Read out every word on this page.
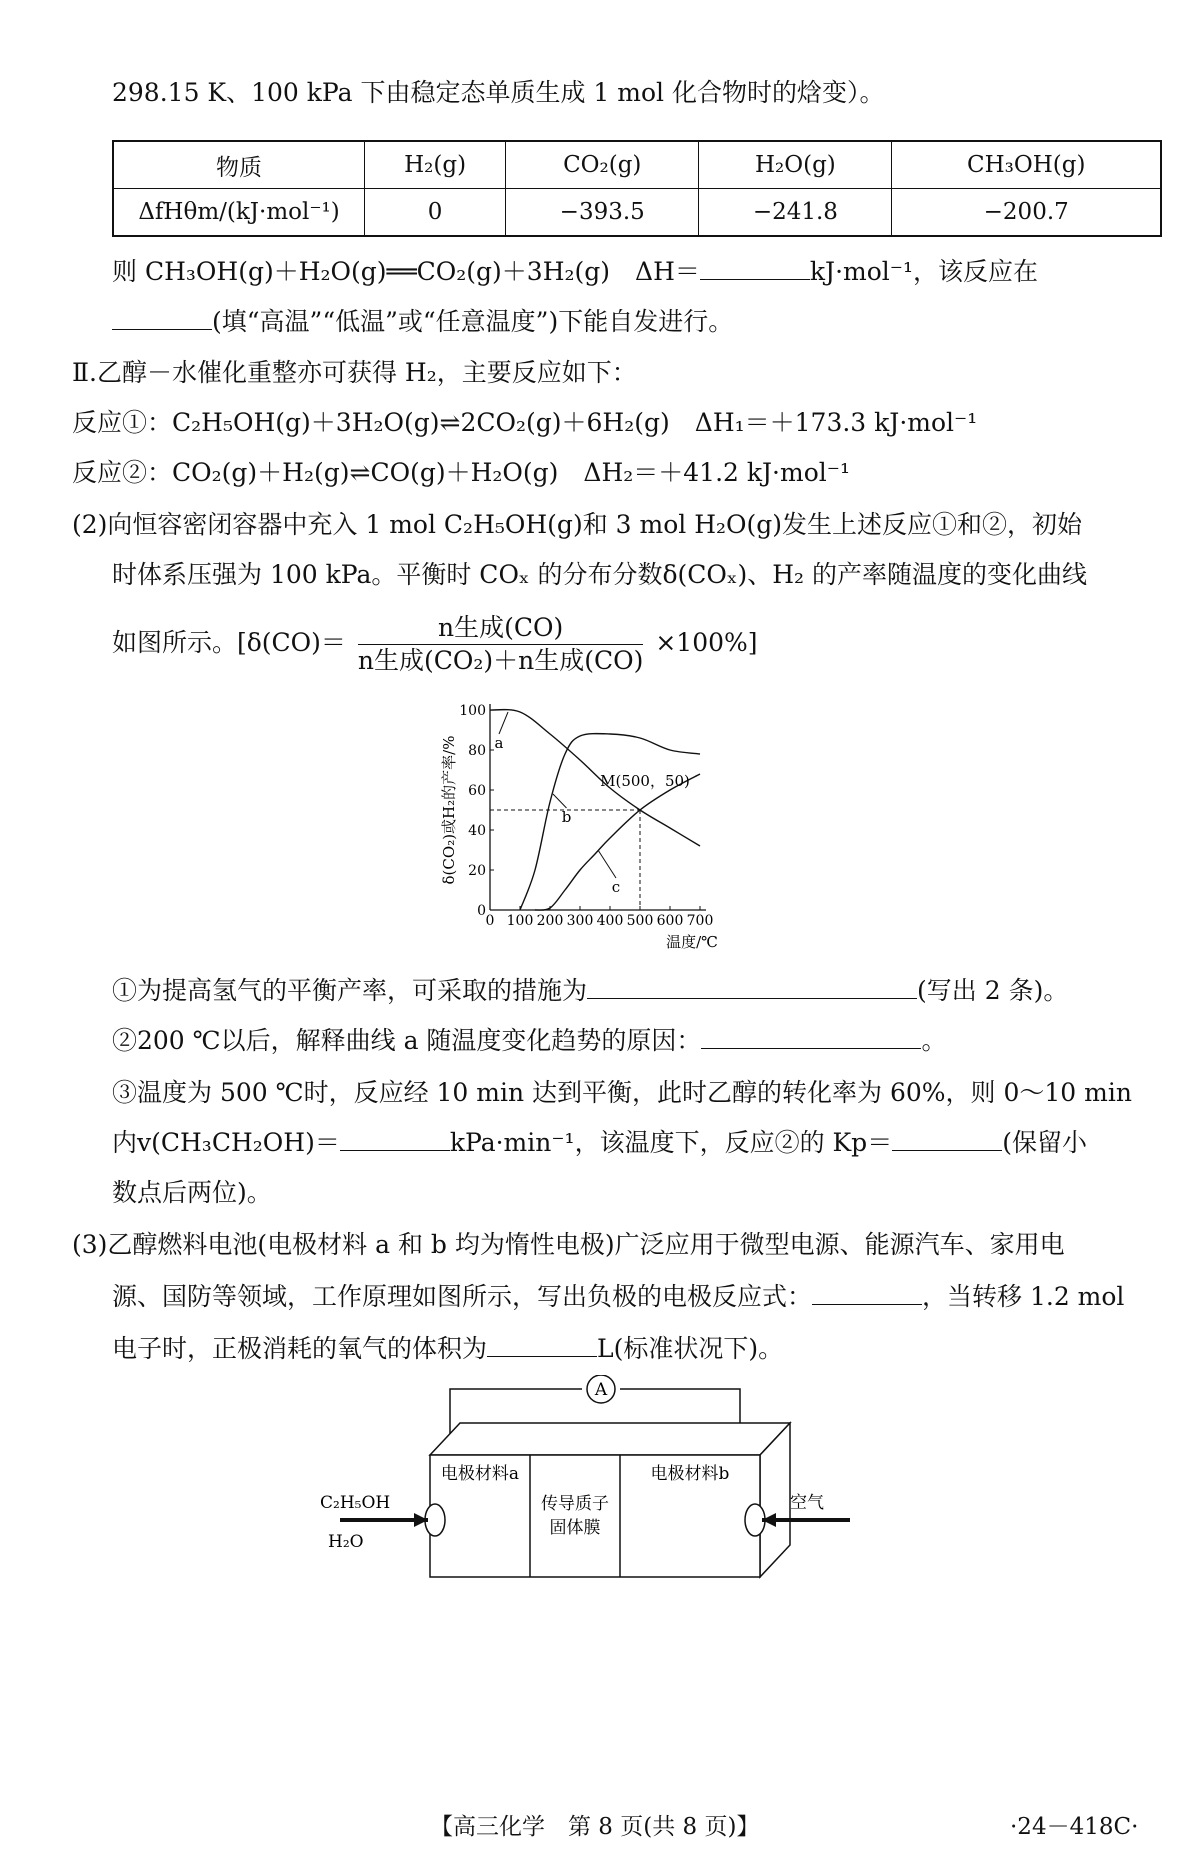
298.15 K、100 kPa 下由稳定态单质生成 1 mol 化合物时的焓变）。
物质	H₂(g)	CO₂(g)	H₂O(g)	CH₃OH(g)
ΔfHθm/(kJ·mol⁻¹)	0	−393.5	−241.8	−200.7
则 CH₃OH(g)＋H₂O(g)══CO₂(g)＋3H₂(g)　ΔH＝	kJ·mol⁻¹，该反应在
(填“高温”“低温”或“任意温度”)下能自发进行。
Ⅱ.乙醇－水催化重整亦可获得 H₂，主要反应如下：
反应①：C₂H₅OH(g)＋3H₂O(g)⇌2CO₂(g)＋6H₂(g)　ΔH₁＝＋173.3 kJ·mol⁻¹
反应②：CO₂(g)＋H₂(g)⇌CO(g)＋H₂O(g)　ΔH₂＝＋41.2 kJ·mol⁻¹
(2)向恒容密闭容器中充入 1 mol C₂H₅OH(g)和 3 mol H₂O(g)发生上述反应①和②，初始
时体系压强为 100 kPa。平衡时 COₓ 的分布分数δ(COₓ)、H₂ 的产率随温度的变化曲线
如图所示。$[\delta(CO)= \frac{\text{n生成(CO)}}{\text{n生成(CO₂)＋n生成(CO)}} \times 100\%]$
0 100 200 300 400 500 600 700
0
20
40
60
80
100
温度/℃
δ(CO₂)或H₂的产率/% a
b
c
M(500，50)
①为提高氢气的平衡产率，可采取的措施为	(写出 2 条)。
②200 ℃以后，解释曲线 a 随温度变化趋势的原因：	。
③温度为 500 ℃时，反应经 10 min 达到平衡，此时乙醇的转化率为 60%，则 0～10 min
内v(CH₃CH₂OH)＝	kPa·min⁻¹，该温度下，反应②的 Kp＝	(保留小
数点后两位)。
(3)乙醇燃料电池(电极材料 a 和 b 均为惰性电极)广泛应用于微型电源、能源汽车、家用电
源、国防等领域，工作原理如图所示，写出负极的电极反应式：	，当转移 1.2 mol
电子时，正极消耗的氧气的体积为	L(标准状况下)。
A
电极材料a	电极材料b
传导质子
固体膜
C₂H₅OH
H₂O
空气
【高三化学　第 8 页(共 8 页)】	·24－418C·
